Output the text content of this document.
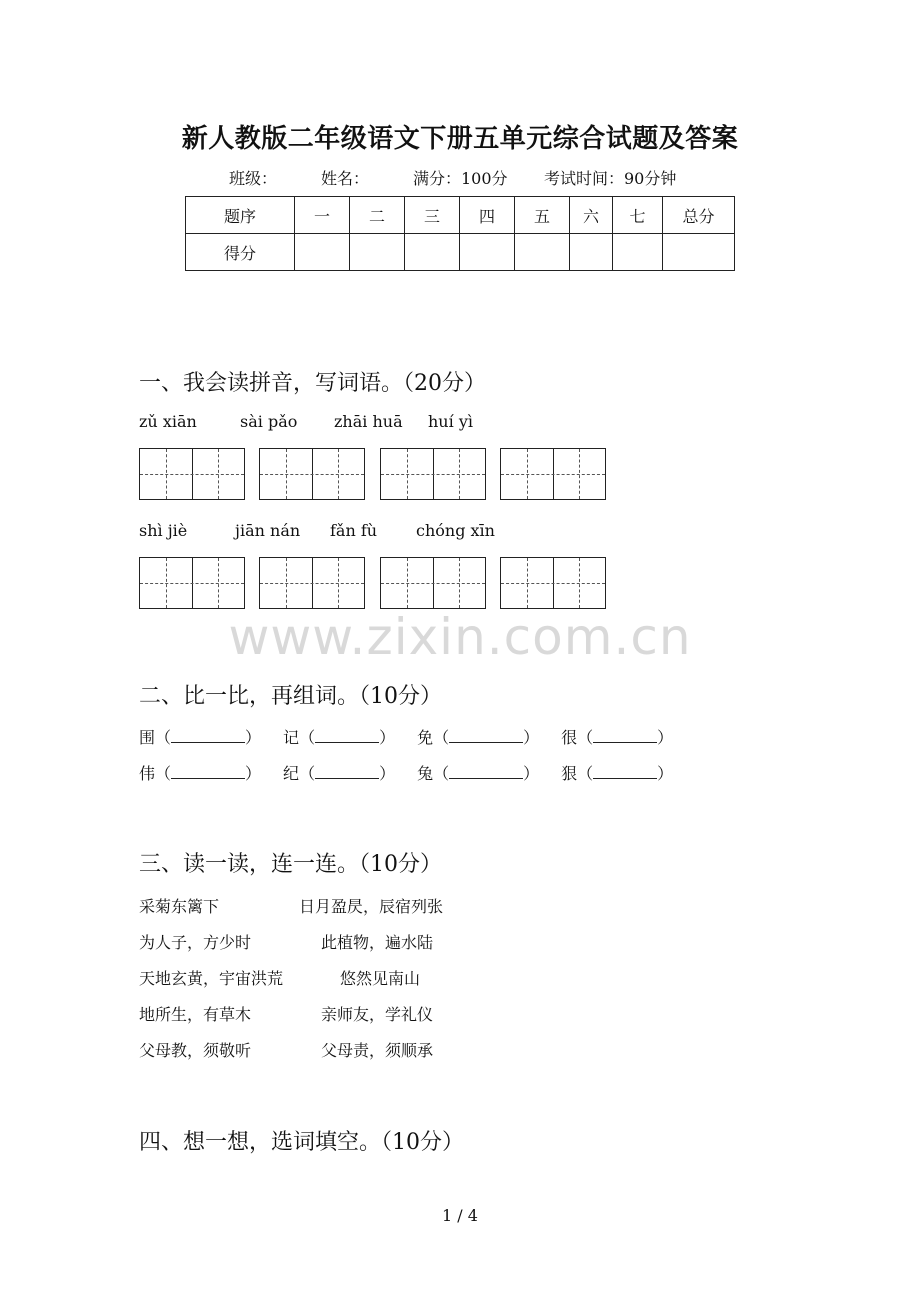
新人教版二年级语文下册五单元综合试题及答案
班级：	姓名：	满分：100分 考试时间：90分钟
题序	一	二	三	四	五	六	七	总分
得分								
一、我会读拼音，写词语。（20分）
zǔ xiān	sài pǎo zhāi huā huí yì
shì jiè	jiān nán fǎn fù chóng xīn
www.zixin.com.cn
二、比一比，再组词。（10分）
围（	） 记（	） 免（	） 很（	）
伟（	） 纪（	） 兔（	） 狠（	）
三、读一读，连一连。（10分）
采菊东篱下	日月盈昃，辰宿列张
为人子，方少时	此植物，遍水陆
天地玄黄，宇宙洪荒	悠然见南山
地所生，有草木	亲师友，学礼仪
父母教，须敬听	父母责，须顺承
四、想一想，选词填空。（10分）
1 / 4
